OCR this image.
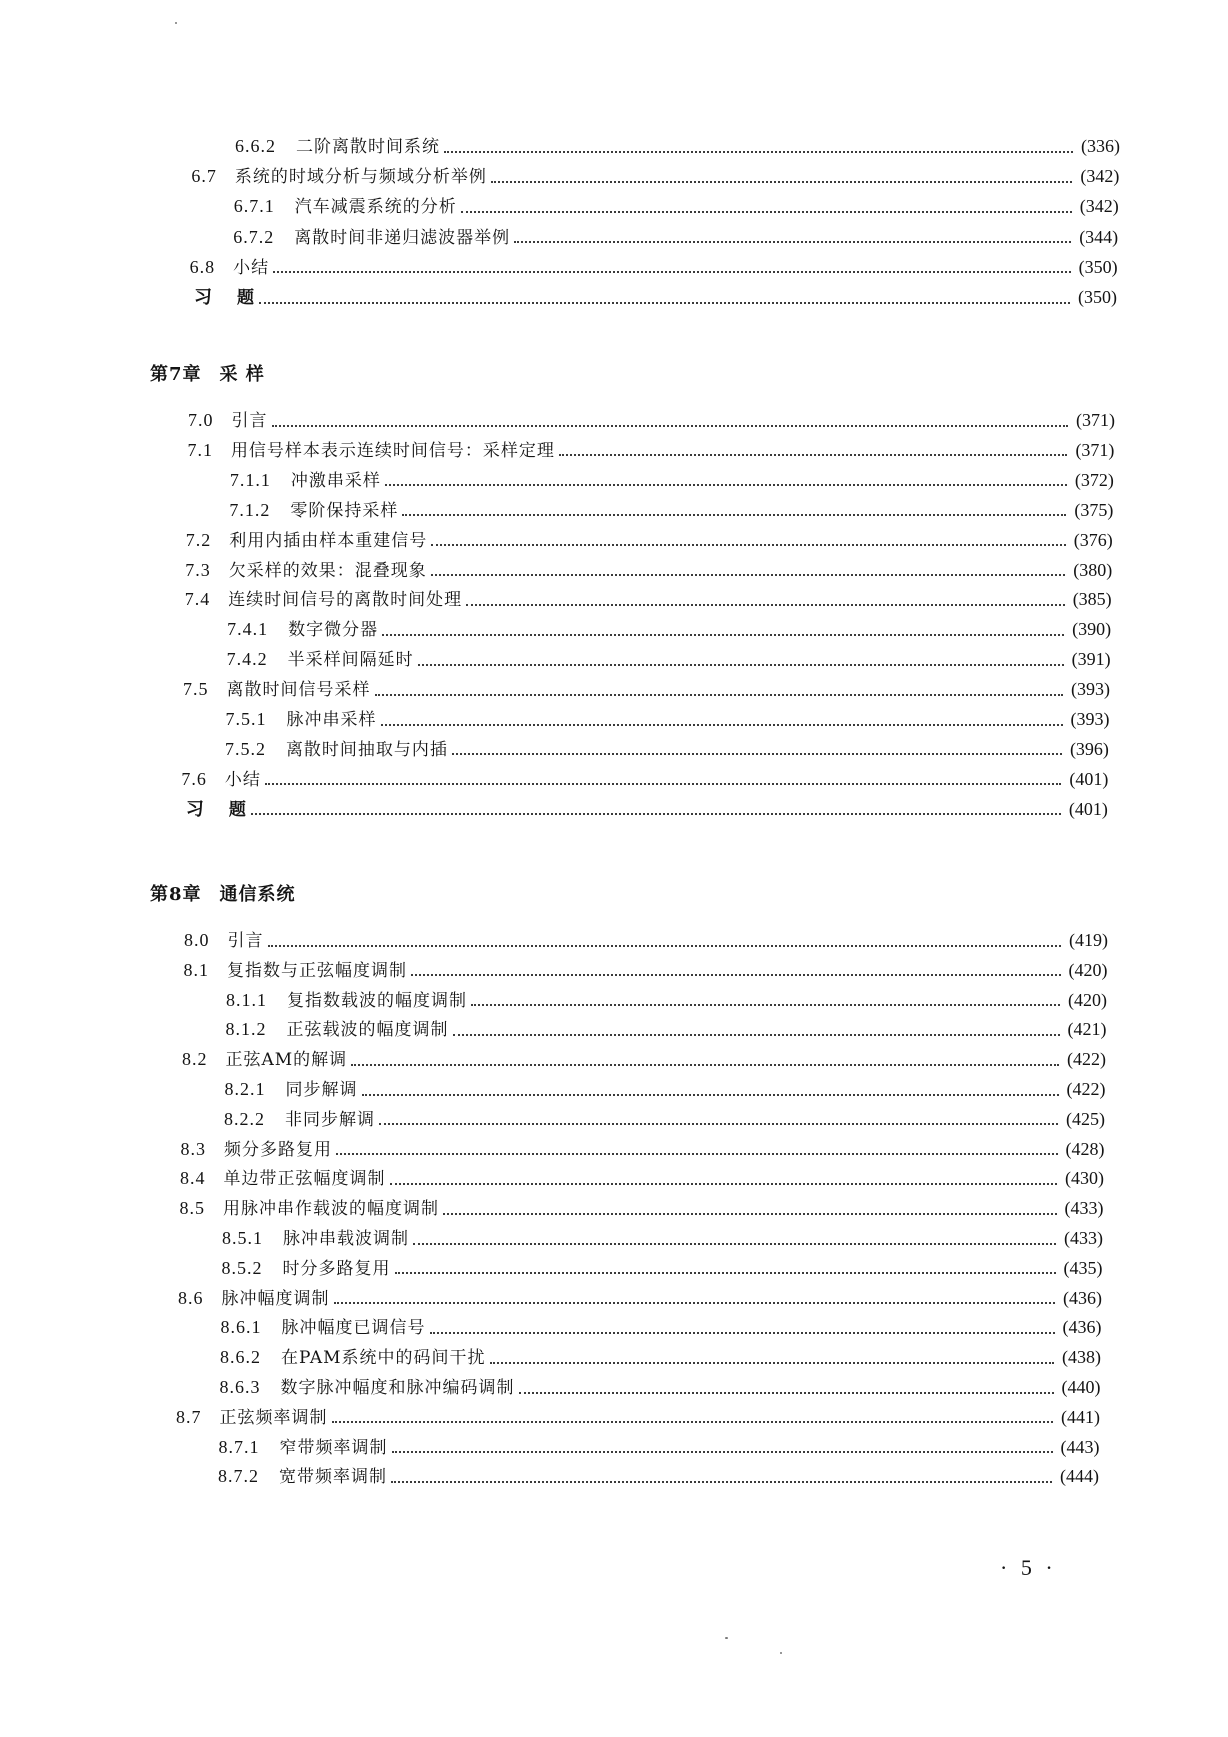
6.6.2 二阶离散时间系统	(336)
6.7 系统的时域分析与频域分析举例	(342)
6.7.1 汽车减震系统的分析	(342)
6.7.2 离散时间非递归滤波器举例	(344)
6.8 小结	(350)
习 题	(350)
第7章 采 样
7.0 引言	(371)
7.1 用信号样本表示连续时间信号：采样定理	(371)
7.1.1 冲激串采样	(372)
7.1.2 零阶保持采样	(375)
7.2 利用内插由样本重建信号	(376)
7.3 欠采样的效果：混叠现象	(380)
7.4 连续时间信号的离散时间处理	(385)
7.4.1 数字微分器	(390)
7.4.2 半采样间隔延时	(391)
7.5 离散时间信号采样	(393)
7.5.1 脉冲串采样	(393)
7.5.2 离散时间抽取与内插	(396)
7.6 小结	(401)
习 题	(401)
第8章 通信系统
8.0 引言	(419)
8.1 复指数与正弦幅度调制	(420)
8.1.1 复指数载波的幅度调制	(420)
8.1.2 正弦载波的幅度调制	(421)
8.2 正弦AM的解调	(422)
8.2.1 同步解调	(422)
8.2.2 非同步解调	(425)
8.3 频分多路复用	(428)
8.4 单边带正弦幅度调制	(430)
8.5 用脉冲串作载波的幅度调制	(433)
8.5.1 脉冲串载波调制	(433)
8.5.2 时分多路复用	(435)
8.6 脉冲幅度调制	(436)
8.6.1 脉冲幅度已调信号	(436)
8.6.2 在PAM系统中的码间干扰	(438)
8.6.3 数字脉冲幅度和脉冲编码调制	(440)
8.7 正弦频率调制	(441)
8.7.1 窄带频率调制	(443)
8.7.2 宽带频率调制	(444)
· 5 ·
